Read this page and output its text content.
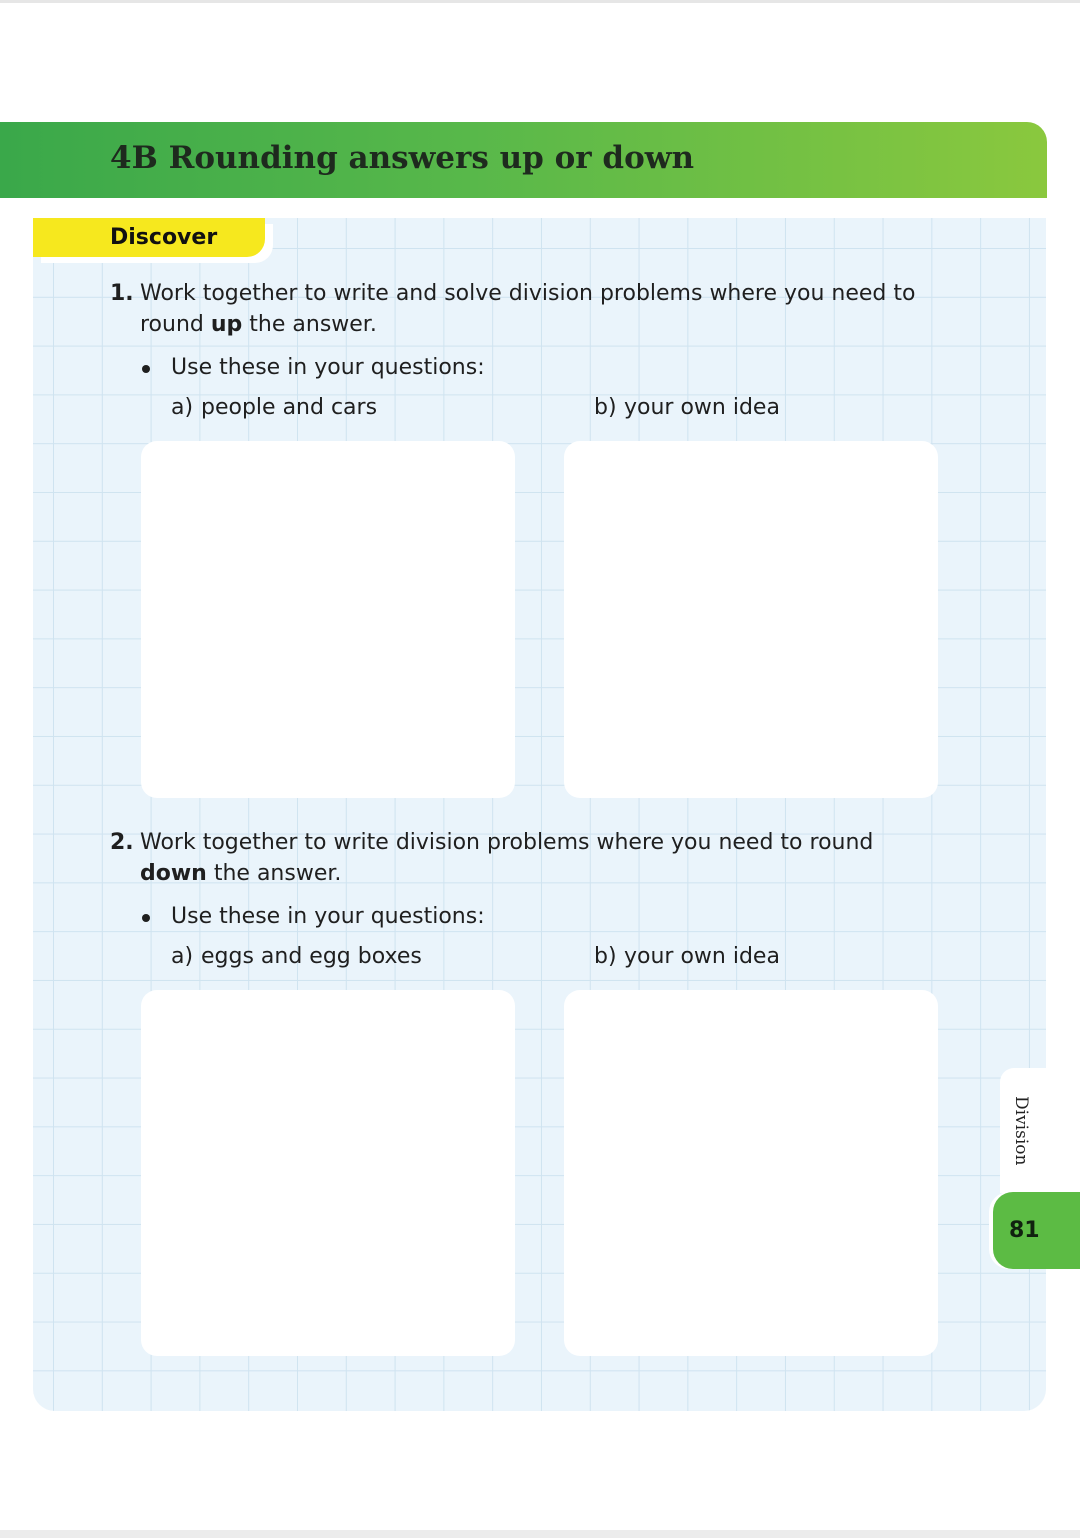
4B Rounding answers up or down
Discover
1. Work together to write and solve division problems where you need to round up the answer.
Use these in your questions:
a) people and cars	b) your own idea
2. Work together to write division problems where you need to round down the answer.
Use these in your questions:
a) eggs and egg boxes	b) your own idea
Division
81
